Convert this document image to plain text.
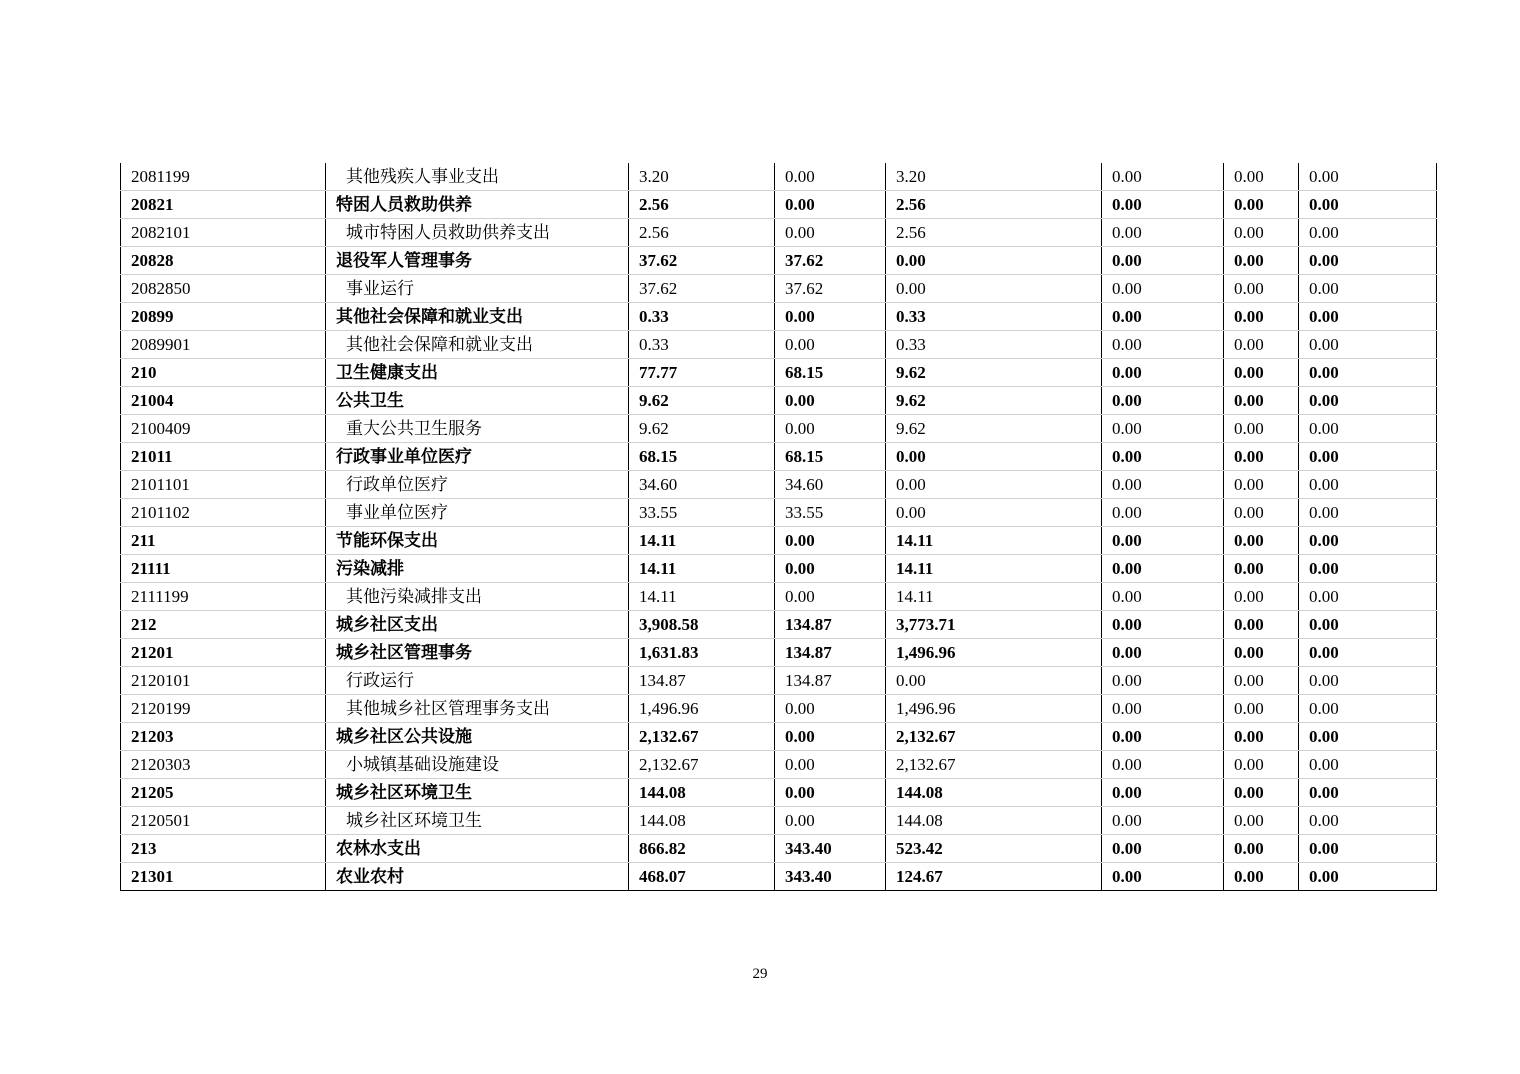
2081199	其他残疾人事业支出	3.20	0.00	3.20	0.00	0.00	0.00
20821	特困人员救助供养	2.56	0.00	2.56	0.00	0.00	0.00
2082101	城市特困人员救助供养支出	2.56	0.00	2.56	0.00	0.00	0.00
20828	退役军人管理事务	37.62	37.62	0.00	0.00	0.00	0.00
2082850	事业运行	37.62	37.62	0.00	0.00	0.00	0.00
20899	其他社会保障和就业支出	0.33	0.00	0.33	0.00	0.00	0.00
2089901	其他社会保障和就业支出	0.33	0.00	0.33	0.00	0.00	0.00
210	卫生健康支出	77.77	68.15	9.62	0.00	0.00	0.00
21004	公共卫生	9.62	0.00	9.62	0.00	0.00	0.00
2100409	重大公共卫生服务	9.62	0.00	9.62	0.00	0.00	0.00
21011	行政事业单位医疗	68.15	68.15	0.00	0.00	0.00	0.00
2101101	行政单位医疗	34.60	34.60	0.00	0.00	0.00	0.00
2101102	事业单位医疗	33.55	33.55	0.00	0.00	0.00	0.00
211	节能环保支出	14.11	0.00	14.11	0.00	0.00	0.00
21111	污染减排	14.11	0.00	14.11	0.00	0.00	0.00
2111199	其他污染减排支出	14.11	0.00	14.11	0.00	0.00	0.00
212	城乡社区支出	3,908.58	134.87	3,773.71	0.00	0.00	0.00
21201	城乡社区管理事务	1,631.83	134.87	1,496.96	0.00	0.00	0.00
2120101	行政运行	134.87	134.87	0.00	0.00	0.00	0.00
2120199	其他城乡社区管理事务支出	1,496.96	0.00	1,496.96	0.00	0.00	0.00
21203	城乡社区公共设施	2,132.67	0.00	2,132.67	0.00	0.00	0.00
2120303	小城镇基础设施建设	2,132.67	0.00	2,132.67	0.00	0.00	0.00
21205	城乡社区环境卫生	144.08	0.00	144.08	0.00	0.00	0.00
2120501	城乡社区环境卫生	144.08	0.00	144.08	0.00	0.00	0.00
213	农林水支出	866.82	343.40	523.42	0.00	0.00	0.00
21301	农业农村	468.07	343.40	124.67	0.00	0.00	0.00
29
